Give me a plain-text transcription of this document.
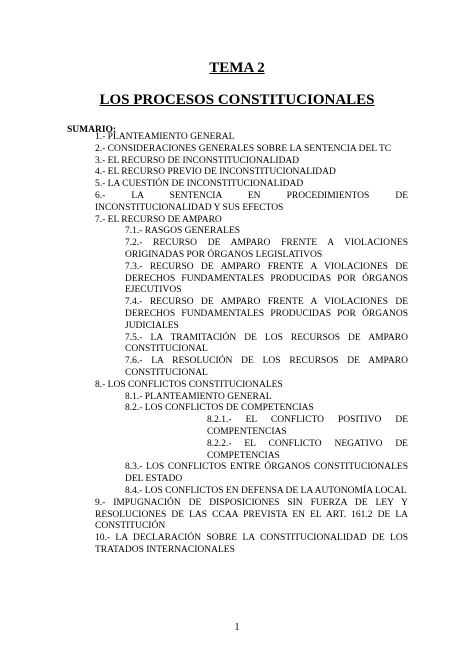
TEMA 2
LOS PROCESOS CONSTITUCIONALES
SUMARIO:
1.- PLANTEAMIENTO GENERAL
2.- CONSIDERACIONES GENERALES SOBRE LA SENTENCIA DEL TC
3.- EL RECURSO DE INCONSTITUCIONALIDAD
4.- EL RECURSO PREVIO DE INCONSTITUCIONALIDAD
5.- LA CUESTIÓN DE INCONSTITUCIONALIDAD
6.- LA SENTENCIA EN PROCEDIMIENTOS DE INCONSTITUCIONALIDAD Y SUS EFECTOS
7.- EL RECURSO DE AMPARO
7.1.- RASGOS GENERALES
7.2.- RECURSO DE AMPARO FRENTE A VIOLACIONES ORIGINADAS POR ÓRGANOS LEGISLATIVOS
7.3.- RECURSO DE AMPARO FRENTE A VIOLACIONES DE DERECHOS FUNDAMENTALES PRODUCIDAS POR ÓRGANOS EJECUTIVOS
7.4.- RECURSO DE AMPARO FRENTE A VIOLACIONES DE DERECHOS FUNDAMENTALES PRODUCIDAS POR ÓRGANOS JUDICIALES
7.5.- LA TRAMITACIÓN DE LOS RECURSOS DE AMPARO CONSTITUCIONAL
7.6.- LA RESOLUCIÓN DE LOS RECURSOS DE AMPARO CONSTITUCIONAL
8.- LOS CONFLICTOS CONSTITUCIONALES
8.1.- PLANTEAMIENTO GENERAL
8.2.- LOS CONFLICTOS DE COMPETENCIAS
8.2.1.- EL CONFLICTO POSITIVO DE COMPENTENCIAS
8.2.2.- EL CONFLICTO NEGATIVO DE COMPETENCIAS
8.3.- LOS CONFLICTOS ENTRE ÓRGANOS CONSTITUCIONALES DEL ESTADO
8.4.- LOS CONFLICTOS EN DEFENSA DE LA AUTONOMÍA LOCAL
9.- IMPUGNACIÓN DE DISPOSICIONES SIN FUERZA DE LEY Y RESOLUCIONES DE LAS CCAA PREVISTA EN EL ART. 161.2 DE LA CONSTITUCIÓN
10.- LA DECLARACIÓN SOBRE LA CONSTITUCIONALIDAD DE LOS TRATADOS INTERNACIONALES
1
